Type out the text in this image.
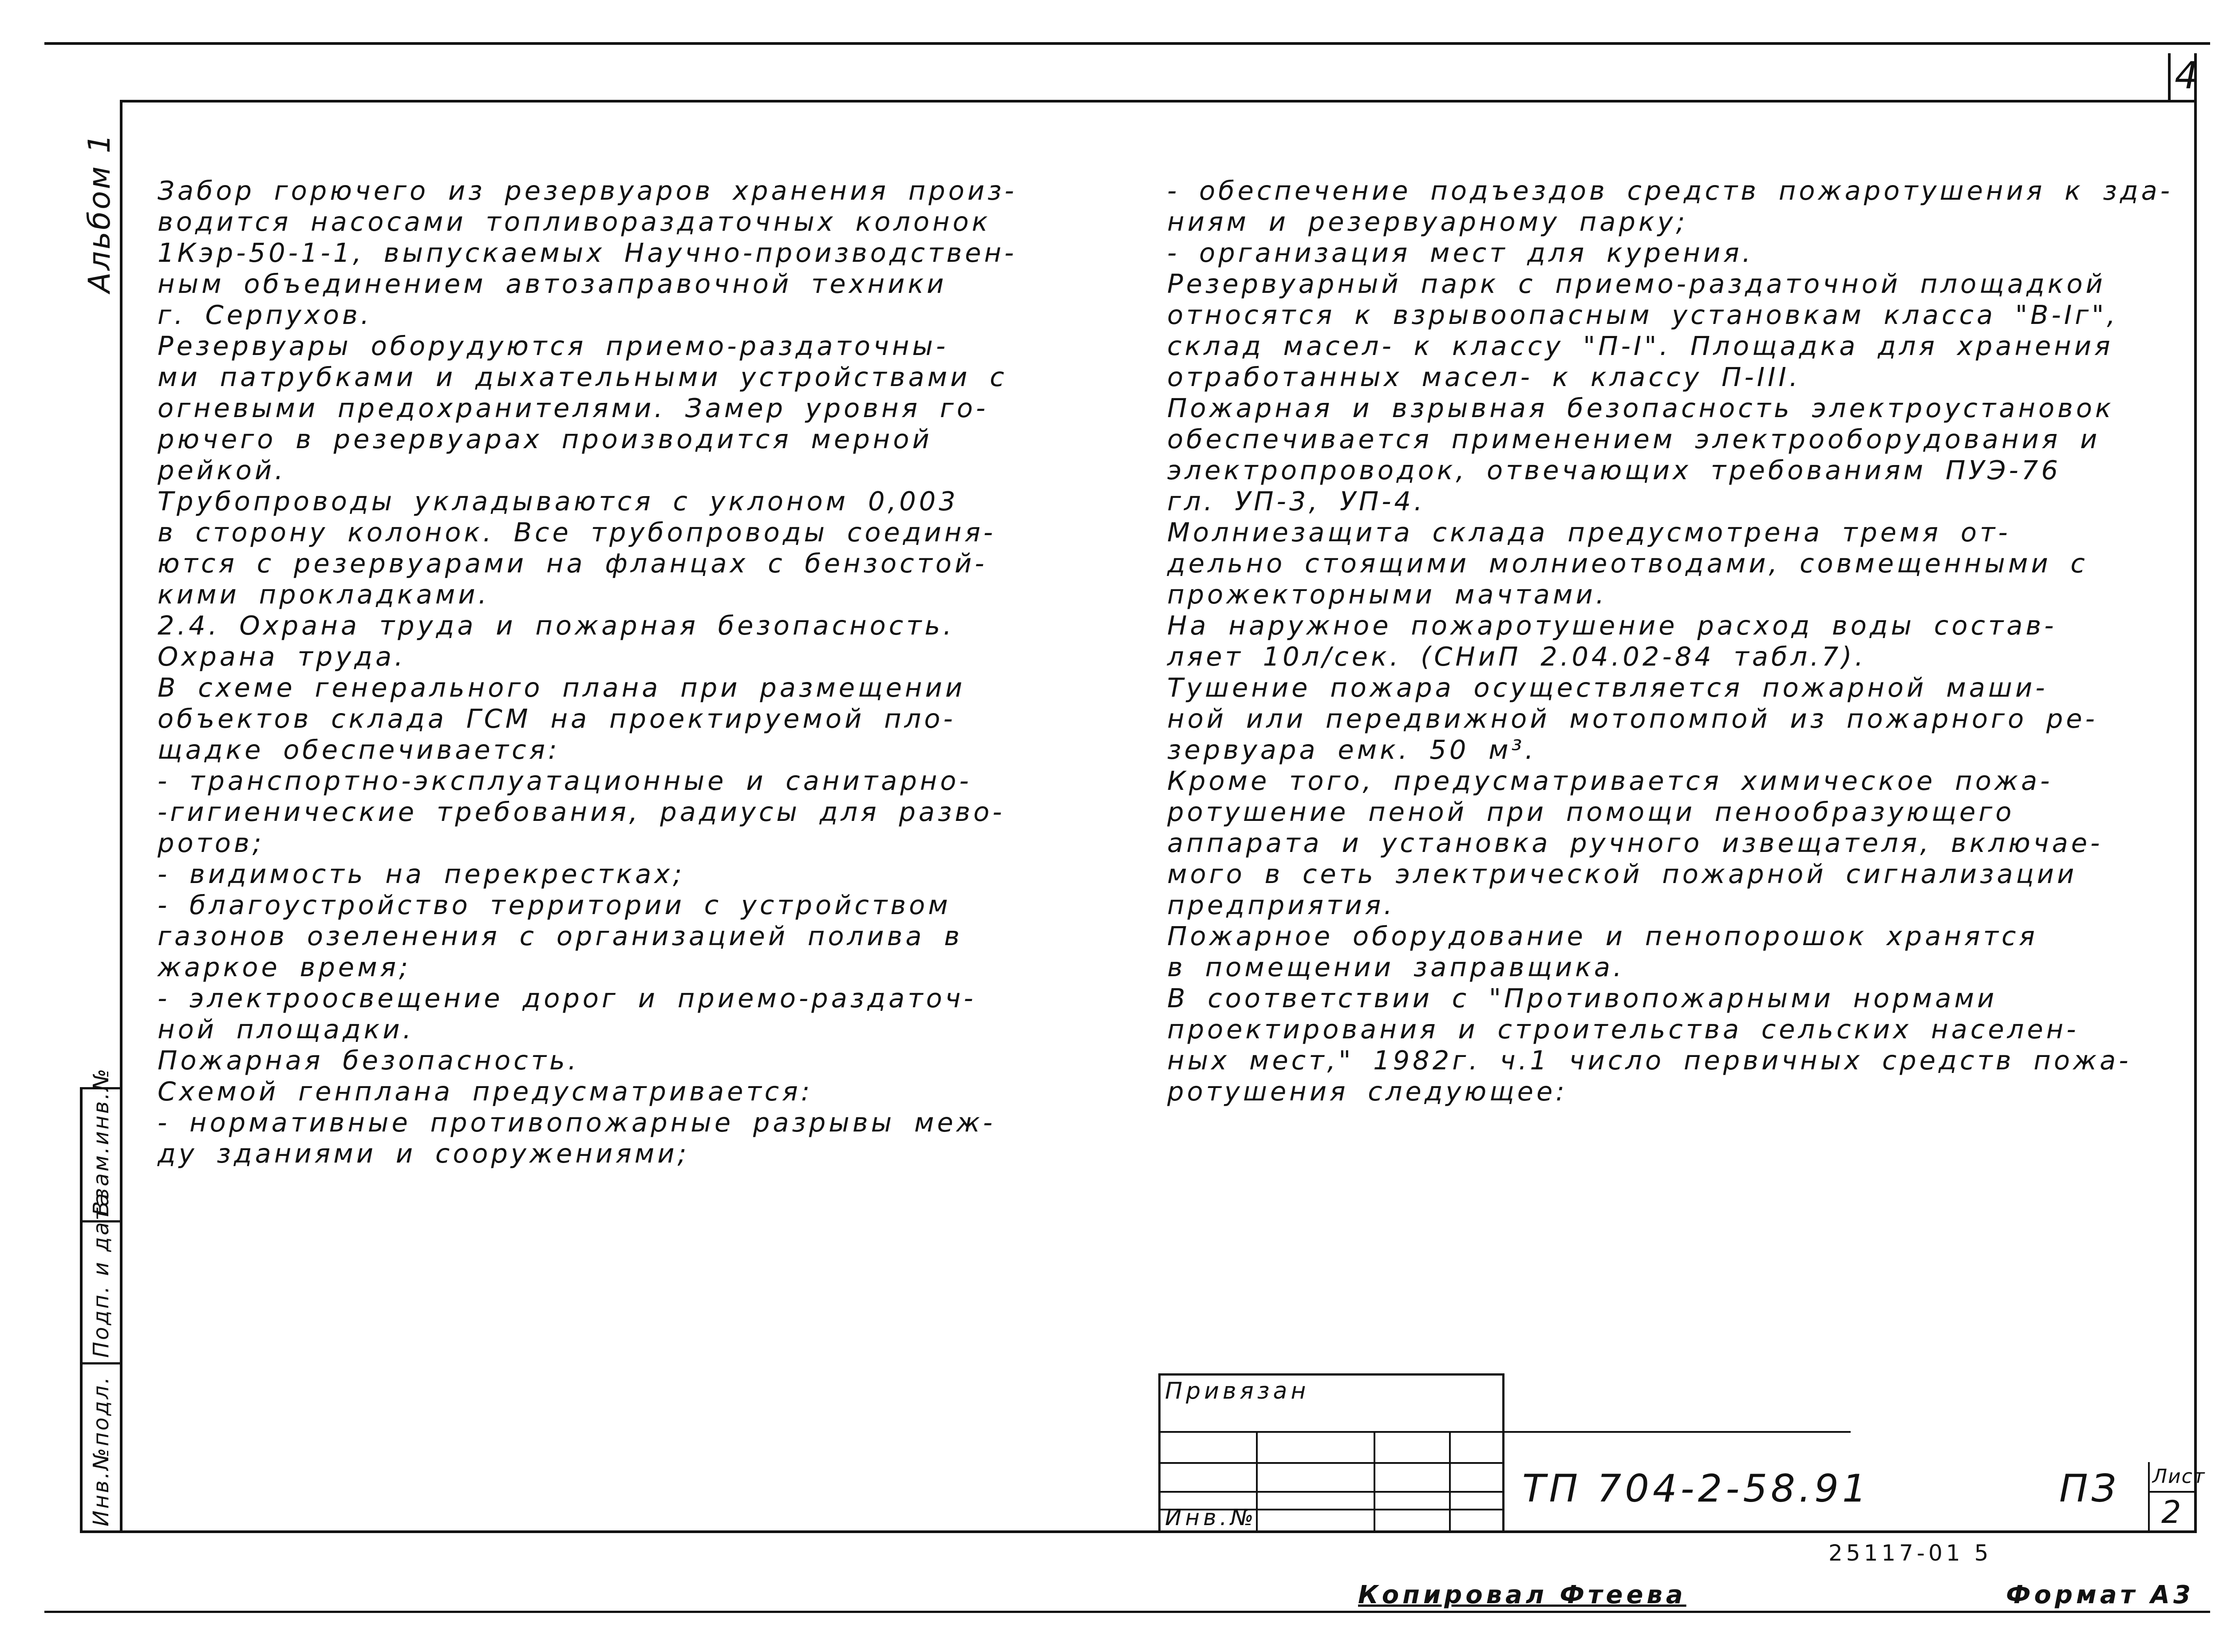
4
Альбом 1
Инв.№подл.
Подп. и дата
Взам.инв.№

Забор горючего из резервуаров хранения произ-
водится насосами топливораздаточных колонок
1Кэр-50-1-1, выпускаемых Научно-производствен-
ным объединением автозаправочной техники
г. Серпухов.

Резервуары оборудуются приемо-раздаточны-
ми патрубками и дыхательными устройствами с
огневыми предохранителями. Замер уровня го-
рючего в резервуарах производится мерной
рейкой.

Трубопроводы укладываются с уклоном 0,003
в сторону колонок. Все трубопроводы соединя-
ются с резервуарами на фланцах с бензостой-
кими прокладками.

2.4. Охрана труда и пожарная безопасность.
Охрана труда.

В схеме генерального плана при размещении
объектов склада ГСМ на проектируемой пло-
щадке обеспечивается:

- транспортно-эксплуатационные и санитарно-
-гигиенические требования, радиусы для разво-
ротов;

- видимость на перекрестках;

- благоустройство территории с устройством
газонов озеленения с организацией полива в
жаркое время;

- электроосвещение дорог и приемо-раздаточ-
ной площадки.

Пожарная безопасность.

Схемой генплана предусматривается:

- нормативные противопожарные разрывы меж-
ду зданиями и сооружениями;

- обеспечение подъездов средств пожаротушения к зда-
ниям и резервуарному парку;

- организация мест для курения.

Резервуарный парк с приемо-раздаточной площадкой
относятся к взрывоопасным установкам класса "В-Iг",
склад масел- к классу "П-I". Площадка для хранения
отработанных масел- к классу П-III.

Пожарная и взрывная безопасность электроустановок
обеспечивается применением электрооборудования и
электропроводок, отвечающих требованиям ПУЭ-76
гл. УП-3, УП-4.

Молниезащита склада предусмотрена тремя от-
дельно стоящими молниеотводами, совмещенными с
прожекторными мачтами.

На наружное пожаротушение расход воды состав-
ляет 10л/сек. (СНиП 2.04.02-84 табл.7).

Тушение пожара осуществляется пожарной маши-
ной или передвижной мотопомпой из пожарного ре-
зервуара емк. 50 м³.

Кроме того, предусматривается химическое пожа-
ротушение пеной при помощи пенообразующего
аппарата и установка ручного извещателя, включае-
мого в сеть электрической пожарной сигнализации
предприятия.

Пожарное оборудование и пенопорошок хранятся
в помещении заправщика.

В соответствии с "Противопожарными нормами
проектирования и строительства сельских населен-
ных мест," 1982г. ч.1 число первичных средств пожа-
ротушения следующее:

Привязан
Инв.№
ТП 704-2-58.91	ПЗ Лист
2
25117-01 5
Копировал Фтеева	Формат А3
